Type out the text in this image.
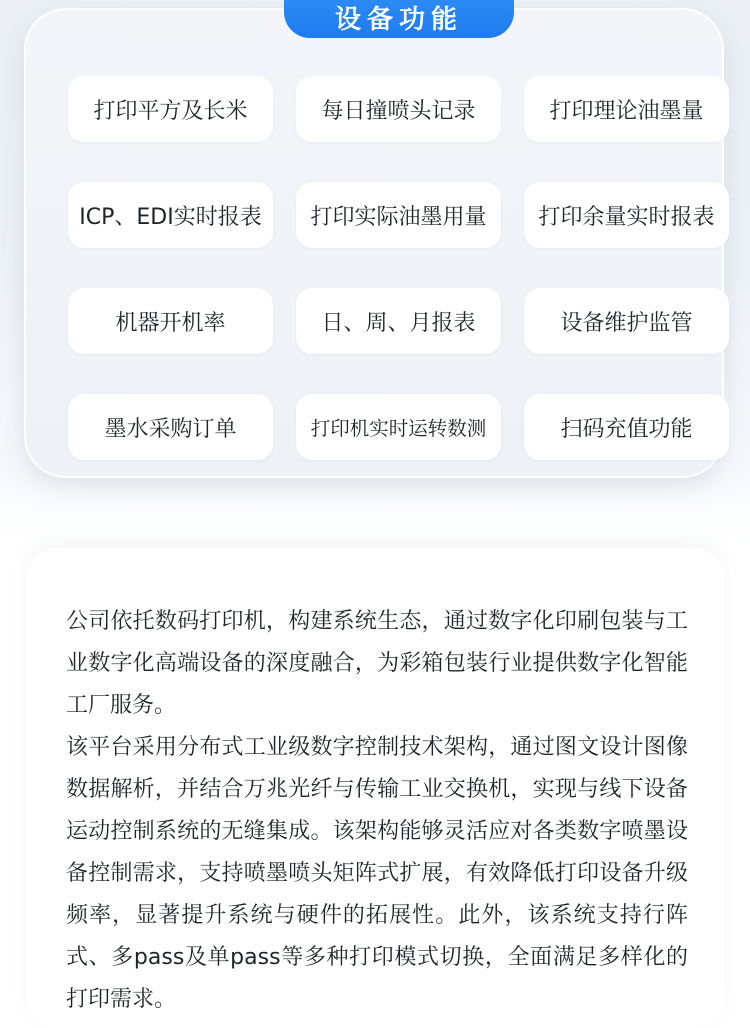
设备功能
打印平方及长米	每日撞喷头记录	打印理论油墨量
ICP、EDI实时报表	打印实际油墨用量	打印余量实时报表
机器开机率	日、周、月报表	设备维护监管
墨水采购订单	打印机实时运转数测	扫码充值功能

公司依托数码打印机，构建系统生态，通过数字化印刷包装与工业数字化高端设备的深度融合，为彩箱包装行业提供数字化智能工厂服务。

该平台采用分布式工业级数字控制技术架构，通过图文设计图像数据解析，并结合万兆光纤与传输工业交换机，实现与线下设备运动控制系统的无缝集成。该架构能够灵活应对各类数字喷墨设备控制需求，支持喷墨喷头矩阵式扩展，有效降低打印设备升级频率，显著提升系统与硬件的拓展性。此外，该系统支持行阵式、多pass及单pass等多种打印模式切换，全面满足多样化的打印需求。
